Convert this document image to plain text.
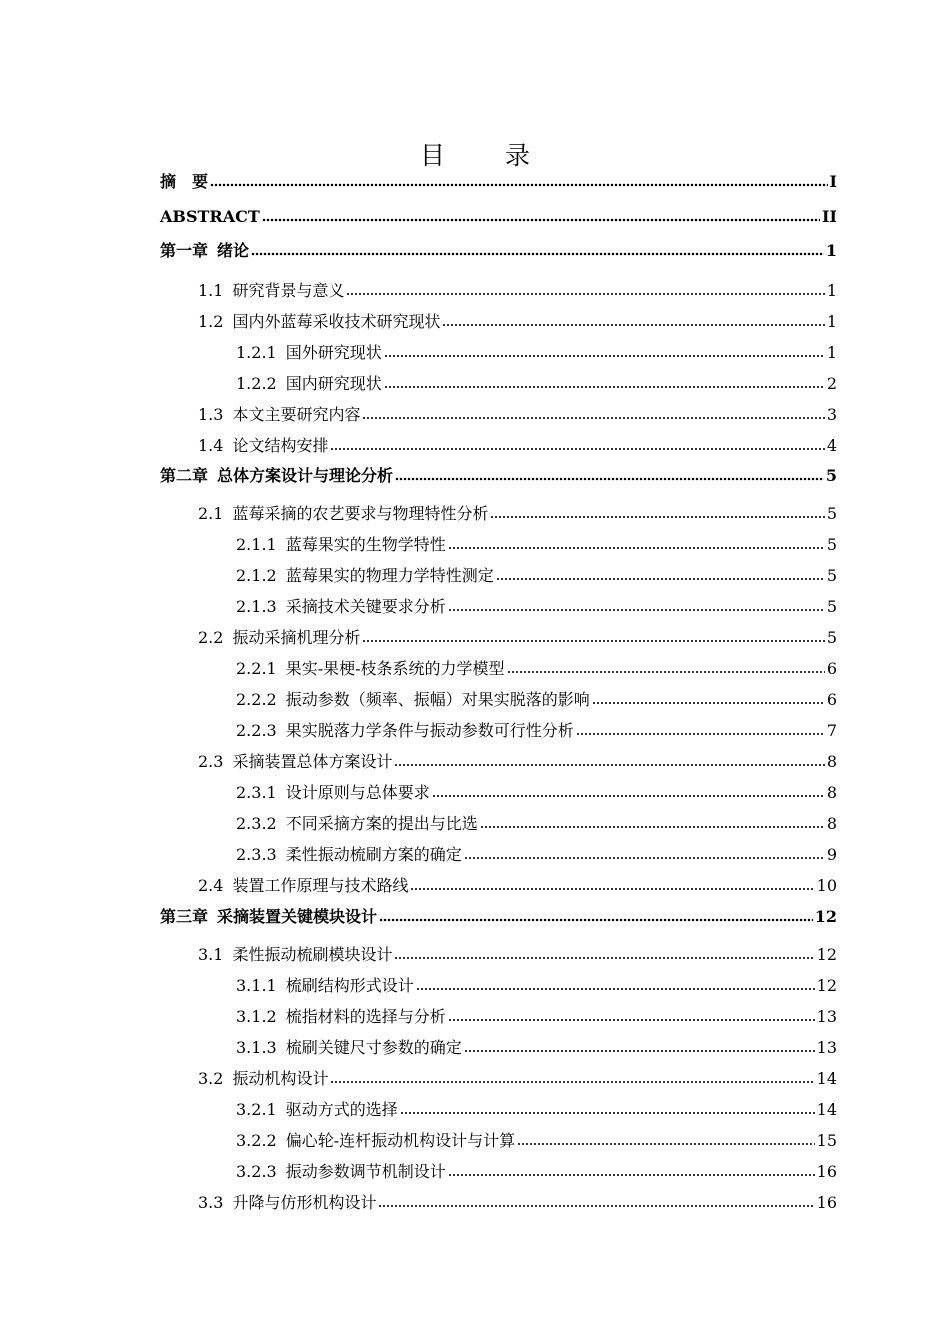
目 录
摘　要	I
ABSTRACT	II
第一章 绪论	1
1.1 研究背景与意义	1
1.2 国内外蓝莓采收技术研究现状	1
1.2.1 国外研究现状	1
1.2.2 国内研究现状	2
1.3 本文主要研究内容	3
1.4 论文结构安排	4
第二章 总体方案设计与理论分析	5
2.1 蓝莓采摘的农艺要求与物理特性分析	5
2.1.1 蓝莓果实的生物学特性	5
2.1.2 蓝莓果实的物理力学特性测定	5
2.1.3 采摘技术关键要求分析	5
2.2 振动采摘机理分析	5
2.2.1 果实-果梗-枝条系统的力学模型	6
2.2.2 振动参数（频率、振幅）对果实脱落的影响	6
2.2.3 果实脱落力学条件与振动参数可行性分析	7
2.3 采摘装置总体方案设计	8
2.3.1 设计原则与总体要求	8
2.3.2 不同采摘方案的提出与比选	8
2.3.3 柔性振动梳刷方案的确定	9
2.4 装置工作原理与技术路线	10
第三章 采摘装置关键模块设计	12
3.1 柔性振动梳刷模块设计	12
3.1.1 梳刷结构形式设计	12
3.1.2 梳指材料的选择与分析	13
3.1.3 梳刷关键尺寸参数的确定	13
3.2 振动机构设计	14
3.2.1 驱动方式的选择	14
3.2.2 偏心轮-连杆振动机构设计与计算	15
3.2.3 振动参数调节机制设计	16
3.3 升降与仿形机构设计	16
